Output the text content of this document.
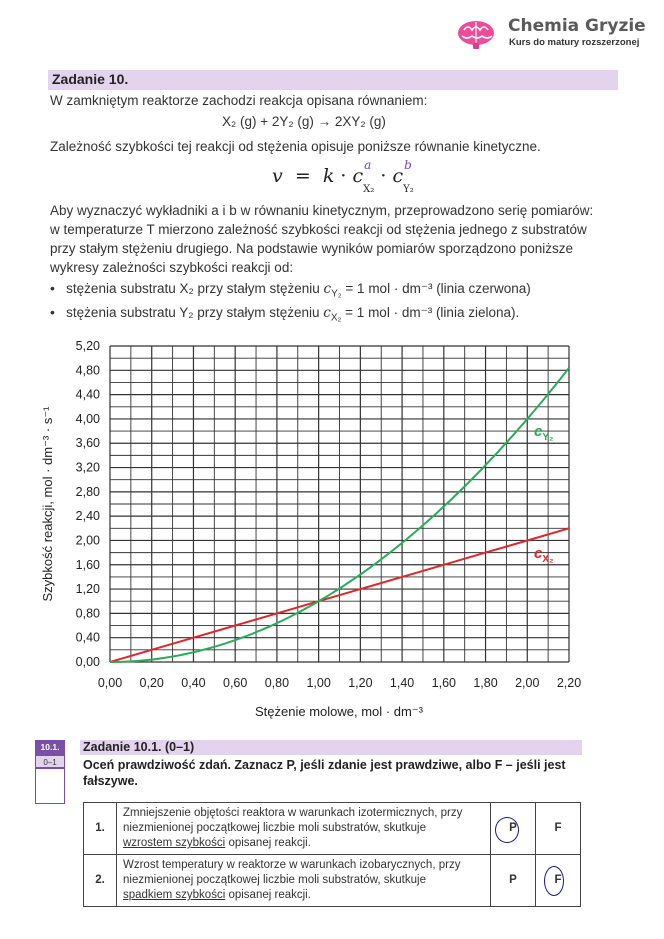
Chemia Gryzie
Kurs do matury rozszerzonej
Zadanie 10.
W zamkniętym reaktorze zachodzi reakcja opisana równaniem:
X₂ (g) + 2Y₂ (g) → 2XY₂ (g)
Zależność szybkości tej reakcji od stężenia opisuje poniższe równanie kinetyczne.
v = k · c a
$_{X_2}$ · c b
$_{Y_2}$
Aby wyznaczyć wykładniki a i b w równaniu kinetycznym, przeprowadzono serię pomiarów:
w temperaturze T mierzono zależność szybkości reakcji od stężenia jednego z substratów
przy stałym stężeniu drugiego. Na podstawie wyników pomiarów sporządzono poniższe
wykresy zależności szybkości reakcji od:
• stężenia substratu X₂ przy stałym stężeniu $c_{Y_2} = 1$ mol · dm⁻³ (linia czerwona)
• stężenia substratu Y₂ przy stałym stężeniu $c_{X_2} = 1$ mol · dm⁻³ (linia zielona).
0,00
0,40
0,80
1,20
1,60
2,00
2,40
2,80
3,20
3,60
4,00
4,40
4,80
5,20
0,00 0,20 0,40 0,60 0,80 1,00 1,20 1,40 1,60 1,80 2,00 2,20
Szybkość reakcji, mol · dm⁻³ · s⁻¹
Stężenie molowe, mol · dm⁻³
$c_{Y_2}$
$c_{X_2}$
10.1.
0–1
Zadanie 10.1. (0–1)
Oceń prawdziwość zdań. Zaznacz P, jeśli zdanie jest prawdziwe, albo F – jeśli jest fałszywe.
1.	Zmniejszenie objętości reaktora w warunkach izotermicznych, przy
niezmienionej początkowej liczbie moli substratów, skutkuje
wzrostem szybkości opisanej reakcji.	P	F
2.	Wzrost temperatury w reaktorze w warunkach izobarycznych, przy
niezmienionej początkowej liczbie moli substratów, skutkuje
spadkiem szybkości opisanej reakcji.	P	F
